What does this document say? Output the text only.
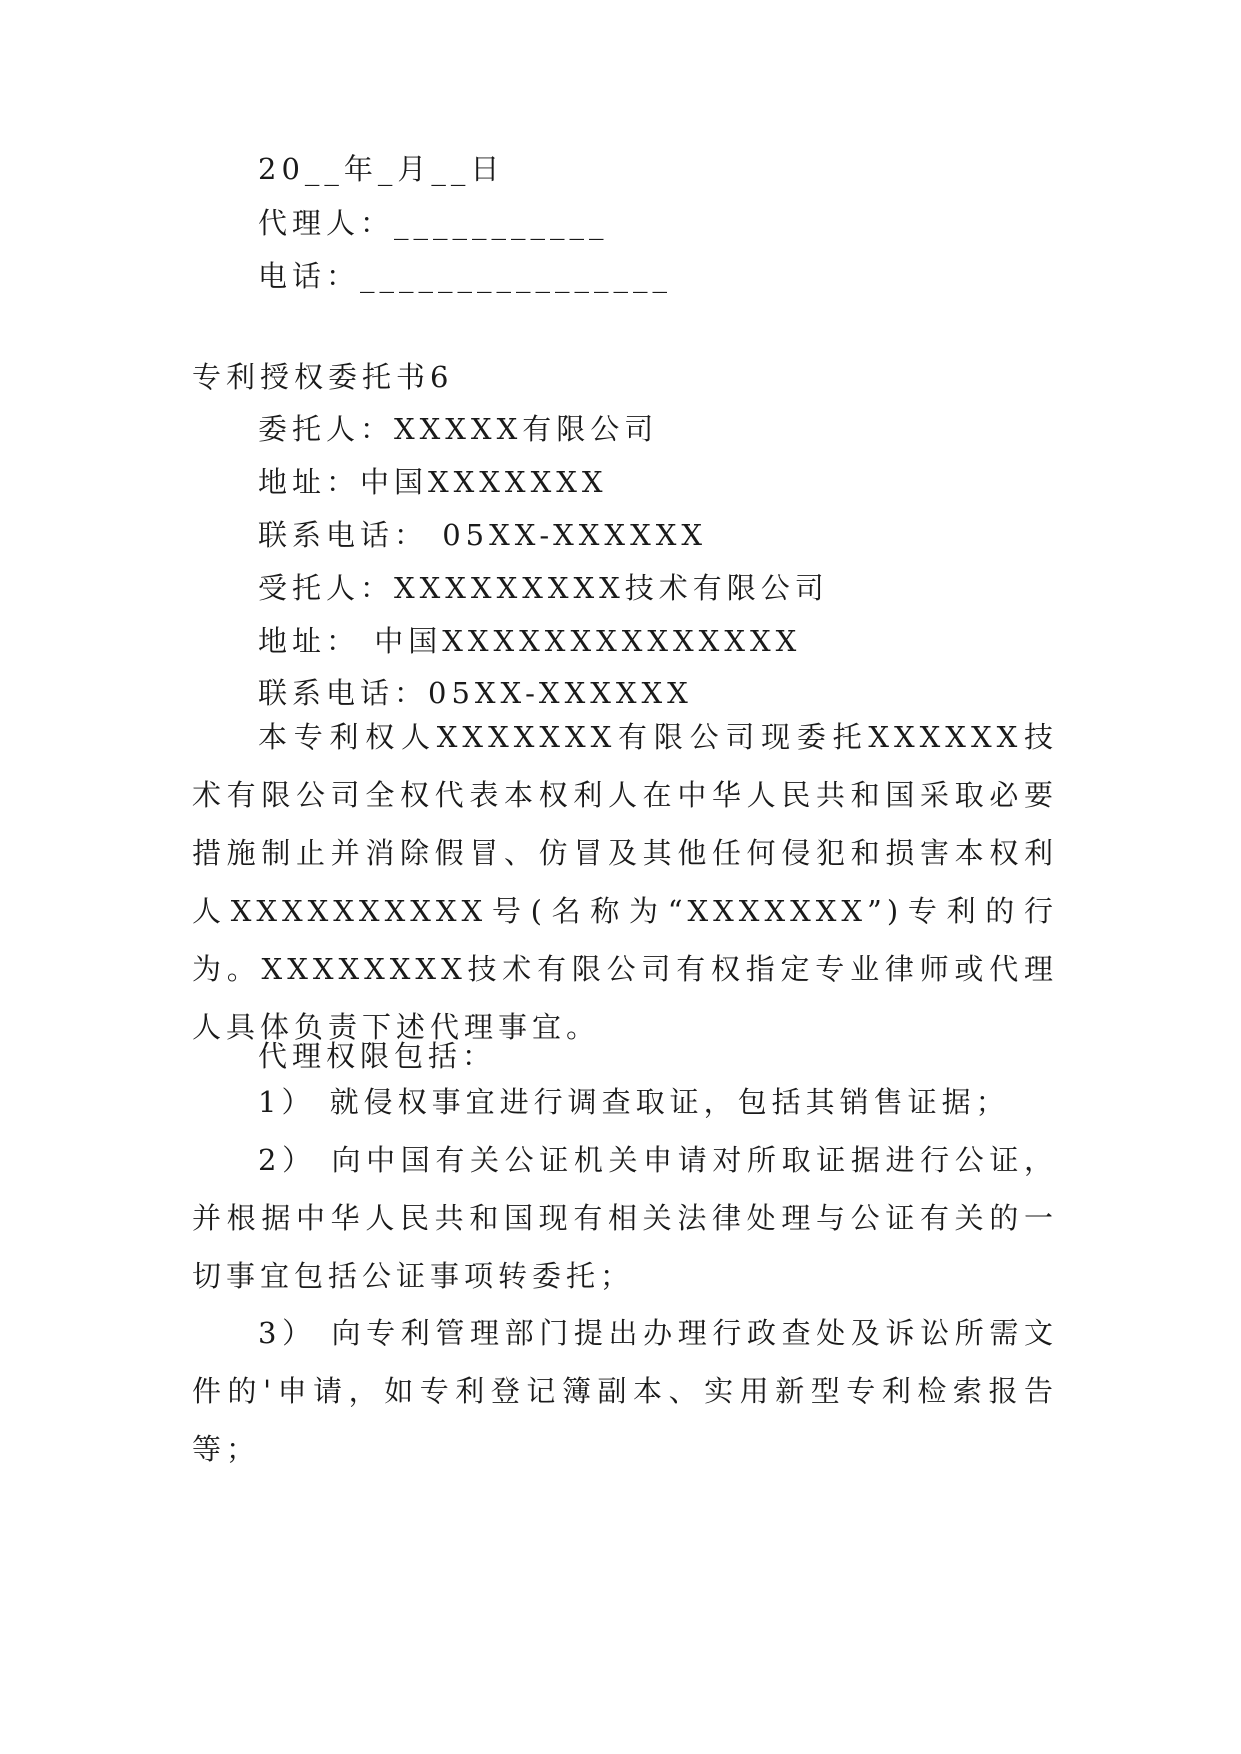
20__年_月__日
代理人：___________
电话：________________
专利授权委托书6
委托人：XXXXX有限公司
地址：中国XXXXXXX
联系电话： 05XX-XXXXXX
受托人：XXXXXXXXX技术有限公司
地址： 中国XXXXXXXXXXXXXX
联系电话：05XX-XXXXXX

本专利权人XXXXXXX有限公司现委托XXXXXX技术有限公司全权代表本权利人在中华人民共和国采取必要措施制止并消除假冒、仿冒及其他任何侵犯和损害本权利人XXXXXXXXXX号(名称为“XXXXXXX”)专利的行为。XXXXXXXX技术有限公司有权指定专业律师或代理人具体负责下述代理事宜。

代理权限包括：

1） 就侵权事宜进行调查取证，包括其销售证据；

2） 向中国有关公证机关申请对所取证据进行公证，并根据中华人民共和国现有相关法律处理与公证有关的一切事宜包括公证事项转委托；

3） 向专利管理部门提出办理行政查处及诉讼所需文件的'申请，如专利登记簿副本、实用新型专利检索报告等；
